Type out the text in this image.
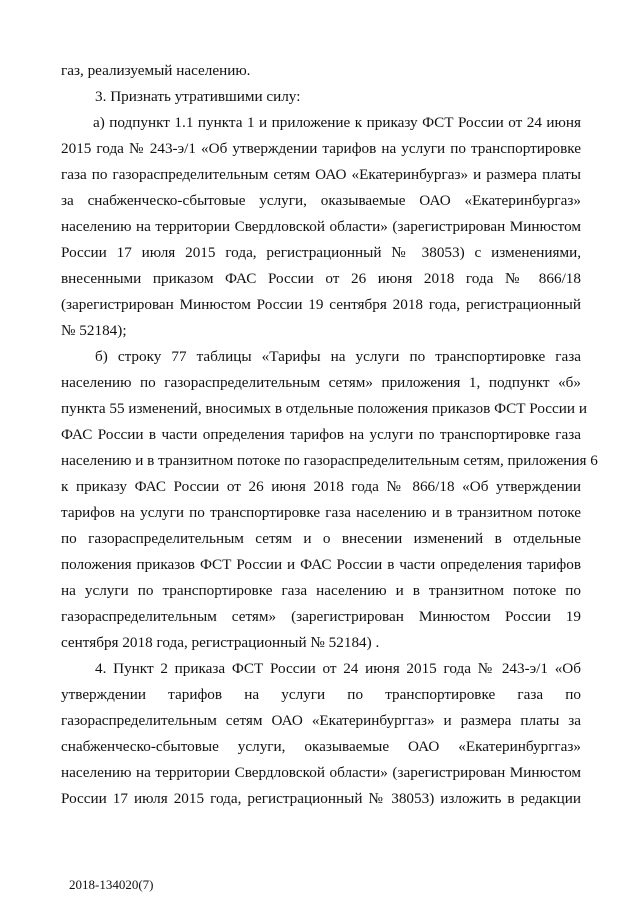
газ, реализуемый населению.
3. Признать утратившими силу:
а) подпункт 1.1 пункта 1 и приложение к приказу ФСТ России от 24 июня
2015 года № 243-э/1 «Об утверждении тарифов на услуги по транспортировке
газа по газораспределительным сетям ОАО «Екатеринбургаз» и размера платы
за снабженческо-сбытовые услуги, оказываемые ОАО «Екатеринбургаз»
населению на территории Свердловской области» (зарегистрирован Минюстом
России 17 июля 2015 года, регистрационный № 38053) с изменениями,
внесенными приказом ФАС России от 26 июня 2018 года № 866/18
(зарегистрирован Минюстом России 19 сентября 2018 года, регистрационный
№ 52184);
б) строку 77 таблицы «Тарифы на услуги по транспортировке газа
населению по газораспределительным сетям» приложения 1, подпункт «б»
пункта 55 изменений, вносимых в отдельные положения приказов ФСТ России и
ФАС России в части определения тарифов на услуги по транспортировке газа
населению и в транзитном потоке по газораспределительным сетям, приложения 6
к приказу ФАС России от 26 июня 2018 года № 866/18 «Об утверждении
тарифов на услуги по транспортировке газа населению и в транзитном потоке
по газораспределительным сетям и о внесении изменений в отдельные
положения приказов ФСТ России и ФАС России в части определения тарифов
на услуги по транспортировке газа населению и в транзитном потоке по
газораспределительным сетям» (зарегистрирован Минюстом России 19
сентября 2018 года, регистрационный № 52184) .
4. Пункт 2 приказа ФСТ России от 24 июня 2015 года № 243-э/1 «Об
утверждении тарифов на услуги по транспортировке газа по
газораспределительным сетям ОАО «Екатеринбурггаз» и размера платы за
снабженческо-сбытовые услуги, оказываемые ОАО «Екатеринбурггаз»
населению на территории Свердловской области» (зарегистрирован Минюстом
России 17 июля 2015 года, регистрационный № 38053) изложить в редакции
2018-134020(7)
